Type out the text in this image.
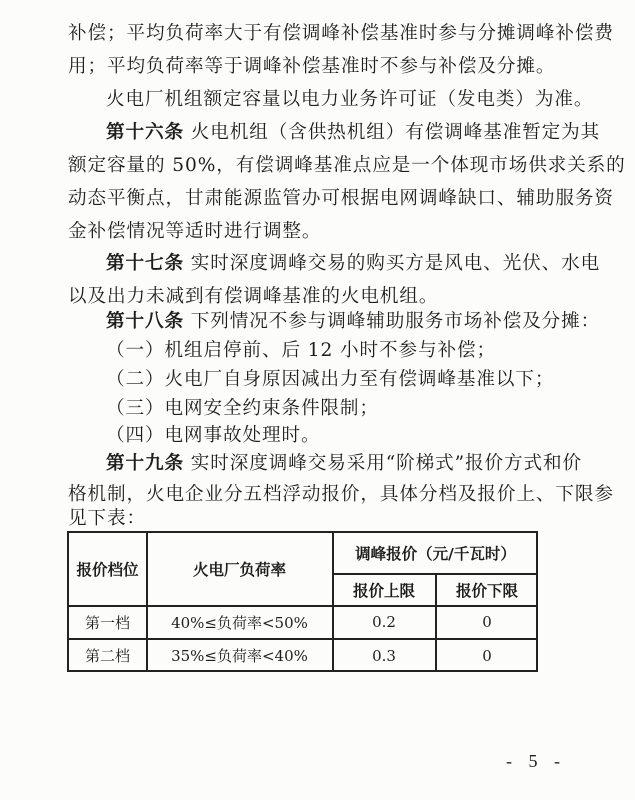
补偿；平均负荷率大于有偿调峰补偿基准时参与分摊调峰补偿费
用；平均负荷率等于调峰补偿基准时不参与补偿及分摊。
火电厂机组额定容量以电力业务许可证（发电类）为准。
第十六条 火电机组（含供热机组）有偿调峰基准暂定为其
额定容量的 50%，有偿调峰基准点应是一个体现市场供求关系的
动态平衡点，甘肃能源监管办可根据电网调峰缺口、辅助服务资
金补偿情况等适时进行调整。
第十七条 实时深度调峰交易的购买方是风电、光伏、水电
以及出力未减到有偿调峰基准的火电机组。
第十八条 下列情况不参与调峰辅助服务市场补偿及分摊：
（一）机组启停前、后 12 小时不参与补偿；
（二）火电厂自身原因减出力至有偿调峰基准以下；
（三）电网安全约束条件限制；
（四）电网事故处理时。
第十九条 实时深度调峰交易采用“阶梯式”报价方式和价
报价档位	火电厂负荷率
调峰报价（元/千瓦时）
报价上限	报价下限
第一档	40%≤负荷率<50%	0.2	0
第二档	35%≤负荷率<40%	0.3	0
- 5 -
格机制，火电企业分五档浮动报价，具体分档及报价上、下限参
见下表：
